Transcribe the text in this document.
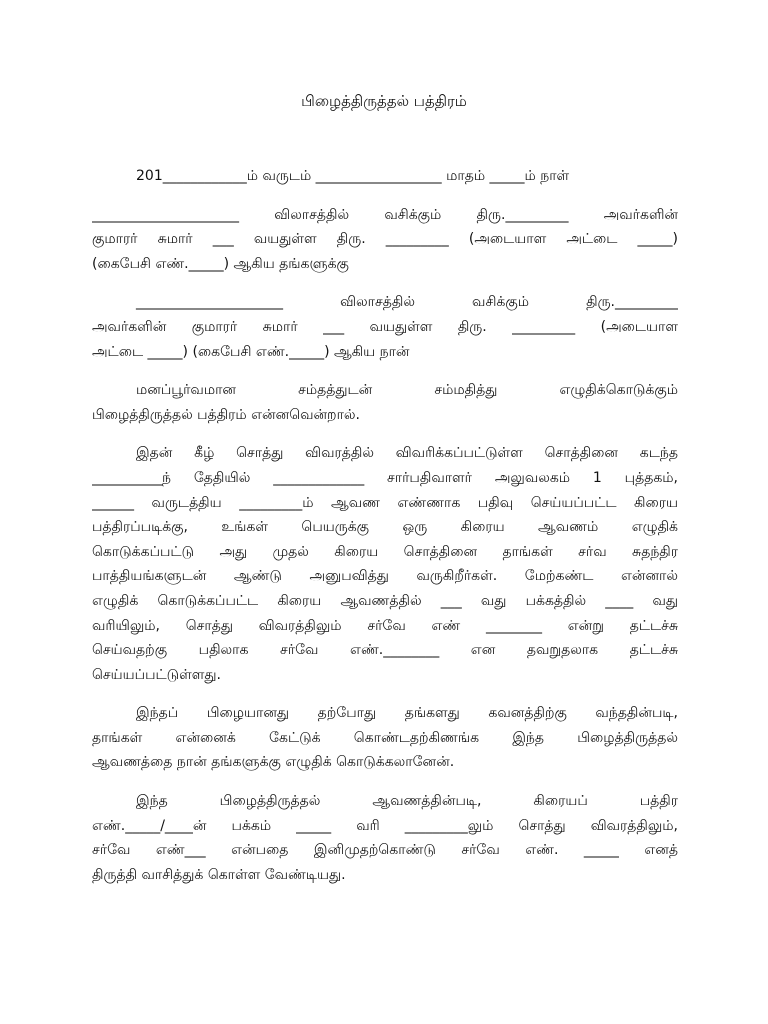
பிழைத்திருத்தல் பத்திரம்
201____________ம் வருடம் __________________ மாதம் _____ம் நாள்
_____________________ விலாசத்தில் வசிக்கும் திரு._________ அவர்களின்
குமாரர் சுமார் ___ வயதுள்ள திரு. _________ (அடையாள அட்டை _____)
(கைபேசி எண்._____) ஆகிய தங்களுக்கு
_____________________ விலாசத்தில் வசிக்கும் திரு._________
அவர்களின் குமாரர் சுமார் ___ வயதுள்ள திரு. _________ (அடையாள
அட்டை _____) (கைபேசி எண்._____) ஆகிய நான்
மனப்பூர்வமான சம்தத்துடன் சம்மதித்து எழுதிக்கொடுக்கும்
பிழைத்திருத்தல் பத்திரம் என்னவென்றால்.
இதன் கீழ் சொத்து விவரத்தில் விவரிக்கப்பட்டுள்ள சொத்தினை கடந்த
__________ந் தேதியில் _____________ சார்பதிவாளர் அலுவலகம் 1 புத்தகம்,
______ வருடத்திய _________ம் ஆவண எண்ணாக பதிவு செய்யப்பட்ட கிரைய
பத்திரப்படிக்கு, உங்கள் பெயருக்கு ஒரு கிரைய ஆவணம் எழுதிக்
கொடுக்கப்பட்டு அது முதல் கிரைய சொத்தினை தாங்கள் சர்வ சுதந்திர
பாத்தியங்களுடன் ஆண்டு அனுபவித்து வருகிறீர்கள். மேற்கண்ட என்னால்
எழுதிக் கொடுக்கப்பட்ட கிரைய ஆவணத்தில் ___ வது பக்கத்தில் ____ வது
வரியிலும், சொத்து விவரத்திலும் சர்வே எண் ________ என்று தட்டச்சு
செய்வதற்கு பதிலாக சர்வே எண்.________ என தவறுதலாக தட்டச்சு
செய்யப்பட்டுள்ளது.
இந்தப் பிழையானது தற்போது தங்களது கவனத்திற்கு வந்ததின்படி,
தாங்கள் என்னைக் கேட்டுக் கொண்டதற்கிணங்க இந்த பிழைத்திருத்தல்
ஆவணத்தை நான் தங்களுக்கு எழுதிக் கொடுக்கலானேன்.
இந்த பிழைத்திருத்தல் ஆவணத்தின்படி, கிரையப் பத்திர
எண்._____/____ன் பக்கம் _____ வரி _________லும் சொத்து விவரத்திலும்,
சர்வே எண்___ என்பதை இனிமுதற்கொண்டு சர்வே எண். _____ எனத்
திருத்தி வாசித்துக் கொள்ள வேண்டியது.
